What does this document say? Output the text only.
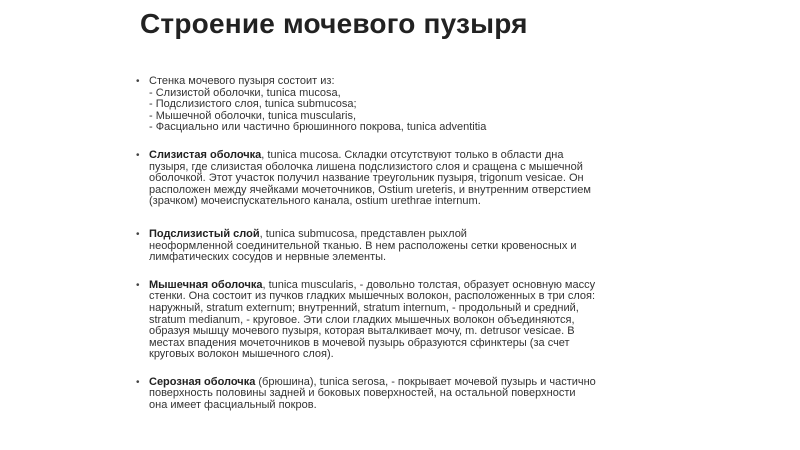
Строение мочевого пузыря
• Стенка мочевого пузыря состоит из:
- Слизистой оболочки, tunica mucosa,
- Подслизистого слоя, tunica submucosa;
- Мышечной оболочки, tunica muscularis,
- Фасциально или частично брюшинного покрова, tunica adventitia
• Слизистая оболочка, tunica mucosa. Складки отсутствуют только в области дна
пузыря, где слизистая оболочка лишена подслизистого слоя и сращена с мышечной
оболочкой. Этот участок получил название треугольник пузыря, trigonum vesicae. Он
расположен между ячейками мочеточников, Ostium ureteris, и внутренним отверстием
(зрачком) мочеиспускательного канала, ostium urethrae internum.
• Подслизистый слой, tunica submucosa, представлен рыхлой
неоформленной соединительной тканью. В нем расположены сетки кровеносных и
лимфатических сосудов и нервные элементы.
• Мышечная оболочка, tunica muscularis, - довольно толстая, образует основную массу
стенки. Она состоит из пучков гладких мышечных волокон, расположенных в три слоя:
наружный, stratum externum; внутренний, stratum internum, - продольный и средний,
stratum medianum, - круговое. Эти слои гладких мышечных волокон объединяются,
образуя мышцу мочевого пузыря, которая выталкивает мочу, m. detrusor vesicae. В
местах впадения мочеточников в мочевой пузырь образуются сфинктеры (за счет
круговых волокон мышечного слоя).
• Серозная оболочка (брюшина), tunica serosa, - покрывает мочевой пузырь и частично
поверхность половины задней и боковых поверхностей, на остальной поверхности
она имеет фасциальный покров.
